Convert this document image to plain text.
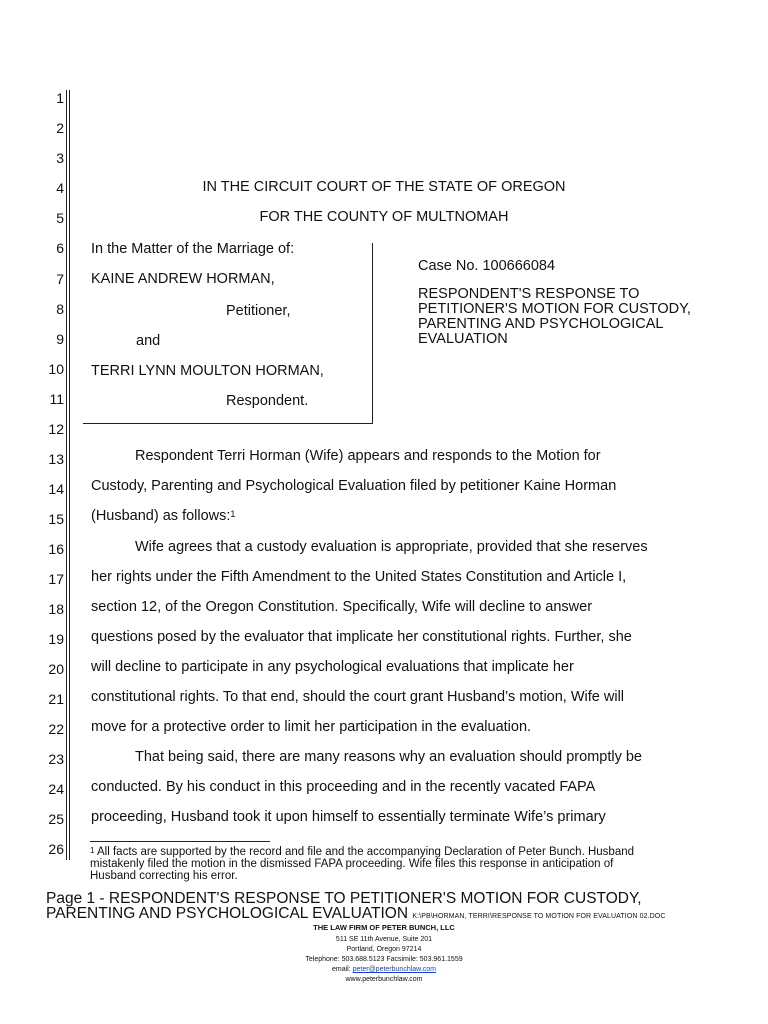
1
2
3
4
5
6
7
8
9
10
11
12
13
14
15
16
17
18
19
20
21
22
23
24
25
26
IN THE CIRCUIT COURT OF THE STATE OF OREGON
FOR THE COUNTY OF MULTNOMAH
In the Matter of the Marriage of:
KAINE ANDREW HORMAN,
Petitioner,
and
TERRI LYNN MOULTON HORMAN,
Respondent.
Case No. 100666084
RESPONDENT'S RESPONSE TO PETITIONER'S MOTION FOR CUSTODY, PARENTING AND PSYCHOLOGICAL EVALUATION
Respondent Terri Horman (Wife) appears and responds to the Motion for
Custody, Parenting and Psychological Evaluation filed by petitioner Kaine Horman
(Husband) as follows:$^1$
Wife agrees that a custody evaluation is appropriate, provided that she reserves
her rights under the Fifth Amendment to the United States Constitution and Article I,
section 12, of the Oregon Constitution. Specifically, Wife will decline to answer
questions posed by the evaluator that implicate her constitutional rights. Further, she
will decline to participate in any psychological evaluations that implicate her
constitutional rights. To that end, should the court grant Husband’s motion, Wife will
move for a protective order to limit her participation in the evaluation.
That being said, there are many reasons why an evaluation should promptly be
conducted. By his conduct in this proceeding and in the recently vacated FAPA
proceeding, Husband took it upon himself to essentially terminate Wife’s primary
$^1$ All facts are supported by the record and file and the accompanying Declaration of Peter Bunch. Husband mistakenly filed the motion in the dismissed FAPA proceeding. Wife files this response in anticipation of Husband correcting his error.
Page 1 - RESPONDENT'S RESPONSE TO PETITIONER'S MOTION FOR CUSTODY,
PARENTING AND PSYCHOLOGICAL EVALUATION K:\PB\HORMAN, TERRI\RESPONSE TO MOTION FOR EVALUATION 02.DOC
THE LAW FIRM OF PETER BUNCH, LLC
511 SE 11th Avenue, Suite 201
Portland, Oregon 97214
Telephone: 503.688.5123 Facsimile: 503.961.1559
email: peter@peterbunchlaw.com
www.peterbunchlaw.com
